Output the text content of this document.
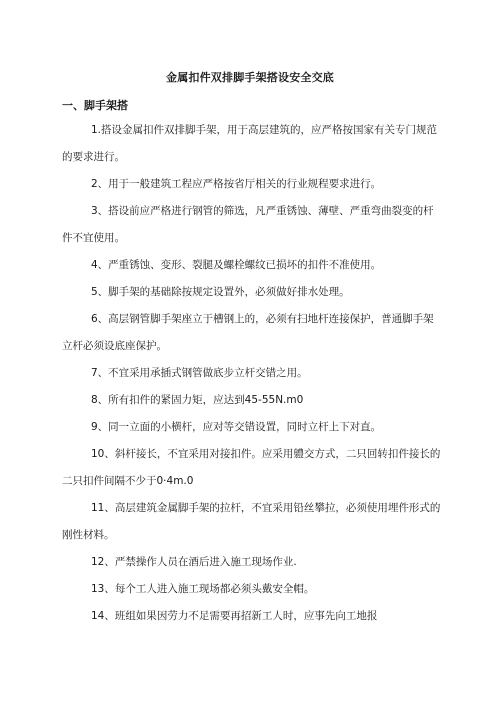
金属扣件双排脚手架搭设安全交底
一、脚手架搭

1.搭设金属扣件双排脚手架，用于高层建筑的，应严格按国家有关专门规范的要求进行。

2、用于一般建筑工程应严格按省厅相关的行业规程要求进行。

3、搭设前应严格进行钢管的筛选，凡严重锈蚀、薄壁、严重弯曲裂变的杆件不宜使用。

4、严重锈蚀、变形、裂腿及螺栓螺纹已损坏的扣件不准使用。

5、脚手架的基础除按规定设置外，必须做好排水处理。

6、高层钢管脚手架座立于槽钢上的，必须有扫地杆连接保护，普通脚手架立杆必须设底座保护。

7、不宜采用承插式钢管做底步立杆交错之用。

8、所有扣件的紧固力矩，应达到45-55N.m0

9、同一立面的小横杆，应对等交错设置，同时立杆上下对直。

10、斜杆接长，不宜采用对接扣件。应采用軆交方式，二只回转扣件接长的二只扣件间隔不少于0·4m.0

11、高层建筑金属脚手架的拉杆，不宜采用铅丝攀拉，必须使用埋件形式的刚性材料。

12、严禁操作人员在酒后进入施工现场作业.

13、每个工人进入施工现场都必须头戴安全帽。

14、班组如果因劳力不足需要再招新工人时，应事先向工地报
